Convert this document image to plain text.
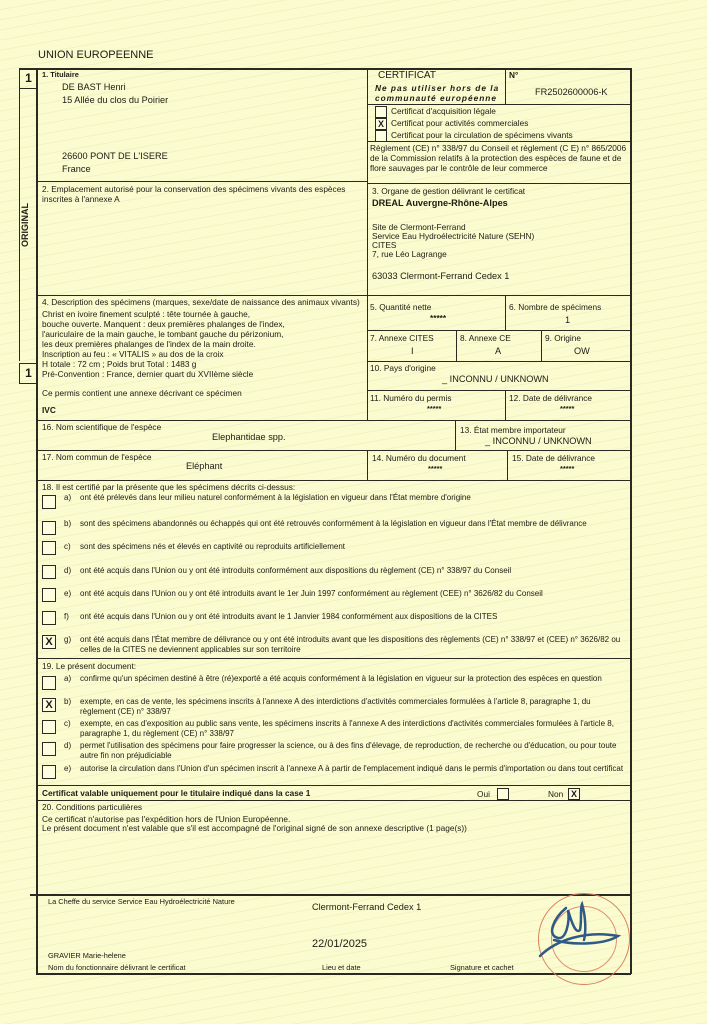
UNION EUROPEENNE
1
ORIGINAL
1
1. Titulaire
DE BAST Henri
15 Allée du clos du Poirier
26600 PONT DE L'ISERE
France
CERTIFICAT
Ne pas utiliser hors de la
communauté européenne
N°
FR2502600006-K
Certificat d'acquisition légale
X Certificat pour activités commerciales
Certificat pour la circulation de spécimens vivants
Règlement (CE) n° 338/97 du Conseil et règlement (C E) n° 865/2006 de la Commission relatifs à la protection des espèces de faune et de flore sauvages par le contrôle de leur commerce
2. Emplacement autorisé pour la conservation des spécimens vivants des espèces inscrites à l'annexe A
3. Organe de gestion délivrant le certificat
DREAL Auvergne-Rhône-Alpes
Site de Clermont-Ferrand
Service Eau Hydroélectricité Nature (SEHN)
CITES
7, rue Léo Lagrange
63033 Clermont-Ferrand Cedex 1
4. Description des spécimens (marques, sexe/date de naissance des animaux vivants)
Christ en ivoire finement sculpté : tête tournée à gauche,
bouche ouverte. Manquent : deux premières phalanges de l'index,
l'auriculaire de la main gauche, le tombant gauche du périzonium,
les deux premières phalanges de l'index de la main droite.
Inscription au feu : « VITALIS » au dos de la croix
H totale : 72 cm ; Poids brut Total : 1483 g
Pré-Convention : France, dernier quart du XVIIème siècle
Ce permis contient une annexe décrivant ce spécimen
IVC
5. Quantité nette
*****
6. Nombre de spécimens
1
7. Annexe CITES
I
8. Annexe CE
A
9. Origine
OW
10. Pays d'origine
_ INCONNU / UNKNOWN
11. Numéro du permis
*****
12. Date de délivrance
*****
16. Nom scientifique de l'espèce
Elephantidae spp.
13. État membre importateur
_ INCONNU / UNKNOWN
17. Nom commun de l'espèce
Eléphant
14. Numéro du document
*****
15. Date de délivrance
*****
18. Il est certifié par la présente que les spécimens décrits ci-dessus:
a) ont été prélevés dans leur milieu naturel conformément à la législation en vigueur dans l'État membre d'origine
b) sont des spécimens abandonnés ou échappés qui ont été retrouvés conformément à la législation en vigueur dans l'État membre de délivrance
c) sont des spécimens nés et élevés en captivité ou reproduits artificiellement
d) ont été acquis dans l'Union ou y ont été introduits conformément aux dispositions du règlement (CE) n° 338/97 du Conseil
e) ont été acquis dans l'Union ou y ont été introduits avant le 1er Juin 1997 conformément au règlement (CEE) n° 3626/82 du Conseil
f) ont été acquis dans l'Union ou y ont été introduits avant le 1 Janvier 1984 conformément aux dispositions de la CITES
X	g) ont été acquis dans l'État membre de délivrance ou y ont été introduits avant que les dispositions des règlements (CE) n° 338/97 et (CEE) n° 3626/82 ou celles de la CITES ne deviennent applicables sur son territoire
19. Le présent document:
a) confirme qu'un spécimen destiné à être (ré)exporté a été acquis conformément à la législation en vigueur sur la protection des espèces en question
X	b) exempte, en cas de vente, les spécimens inscrits à l'annexe A des interdictions d'activités commerciales formulées à l'article 8, paragraphe 1, du règlement (CE) n° 338/97
c) exempte, en cas d'exposition au public sans vente, les spécimens inscrits à l'annexe A des interdictions d'activités commerciales formulées à l'article 8, paragraphe 1, du règlement (CE) n° 338/97
d) permet l'utilisation des spécimens pour faire progresser la science, ou à des fins d'élevage, de reproduction, de recherche ou d'éducation, ou pour toute autre fin non préjudiciable
e) autorise la circulation dans l'Union d'un spécimen inscrit à l'annexe A à partir de l'emplacement indiqué dans le permis d'importation ou dans tout certificat
Certificat valable uniquement pour le titulaire indiqué dans la case 1	Oui	Non X
20. Conditions particulières
Ce certificat n'autorise pas l'expédition hors de l'Union Européenne.
Le présent document n'est valable que s'il est accompagné de l'original signé de son annexe descriptive (1 page(s))
La Cheffe du service Service Eau Hydroélectricité Nature
Clermont-Ferrand Cedex 1
22/01/2025
GRAVIER Marie-helene
Nom du fonctionnaire délivrant le certificat	Lieu et date	Signature et cachet
